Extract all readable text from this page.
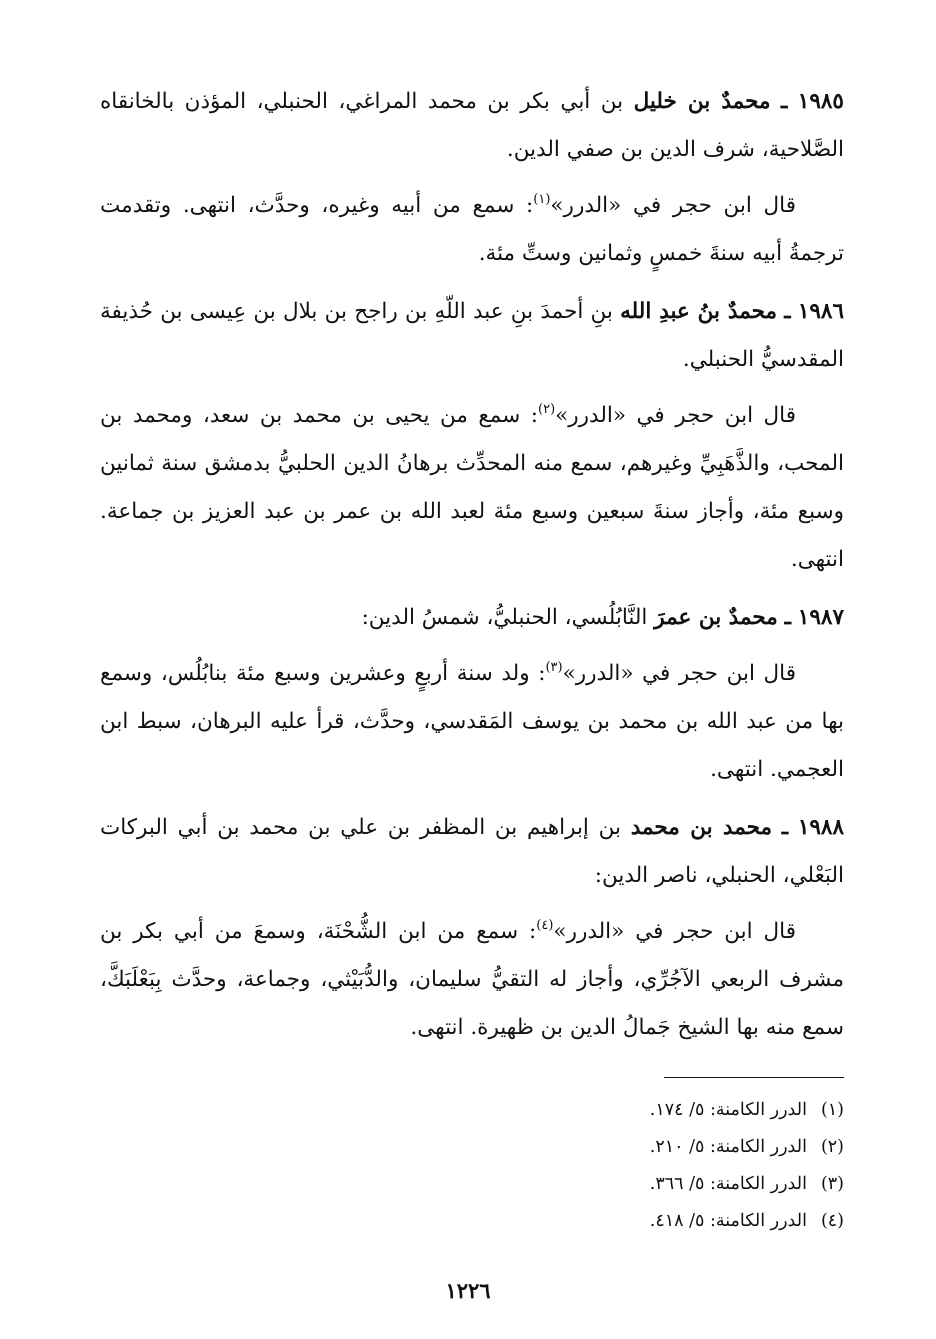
١٩٨٥ ـ محمدٌ بن خليل بن أبي بكر بن محمد المراغي، الحنبلي، المؤذن بالخانقاه الصَّلاحية، شرف الدين بن صفي الدين.

قال ابن حجر في «الدرر»$^{(١)}$: سمع من أبيه وغيره، وحدَّث، انتهى. وتقدمت ترجمةُ أبيه سنةَ خمسٍ وثمانين وستِّ مئة.

١٩٨٦ ـ محمدٌ بنُ عبدِ الله بنِ أحمدَ بنِ عبد اللّهِ بن راجح بن بلال بن عِيسى بن حُذيفة المقدسيُّ الحنبلي.

قال ابن حجر في «الدرر»$^{(٢)}$: سمع من يحيى بن محمد بن سعد، ومحمد بن المحب، والذَّهَبِيِّ وغيرهم، سمع منه المحدِّث برهانُ الدين الحلبيُّ بدمشق سنة ثمانين وسبع مئة، وأجاز سنةَ سبعين وسبع مئة لعبد الله بن عمر بن عبد العزيز بن جماعة. انتهى.

١٩٨٧ ـ محمدٌ بن عمرَ النَّابُلُسي، الحنبليُّ، شمسُ الدين:

قال ابن حجر في «الدرر»$^{(٣)}$: ولد سنة أربعٍ وعشرين وسبع مئة بنابُلُس، وسمع بها من عبد الله بن محمد بن يوسف المَقدسي، وحدَّث، قرأ عليه البرهان، سبط ابن العجمي. انتهى.

١٩٨٨ ـ محمد بن محمد بن إبراهيم بن المظفر بن علي بن محمد بن أبي البركات البَعْلي، الحنبلي، ناصر الدين:

قال ابن حجر في «الدرر»$^{(٤)}$: سمع من ابن الشُّحْنَة، وسمعَ من أبي بكر بن مشرف الربعي الآجُرِّي، وأجاز له التقيُّ سليمان، والدُّبَيْثي، وجماعة، وحدَّث بِبَعْلَبَكَّ، سمع منه بها الشيخ جَمالُ الدين بن ظهيرة. انتهى.

(١)الدرر الكامنة: ٥/ ١٧٤.

(٢)الدرر الكامنة: ٥/ ٢١٠.

(٣)الدرر الكامنة: ٥/ ٣٦٦.

(٤)الدرر الكامنة: ٥/ ٤١٨.

١٢٢٦
